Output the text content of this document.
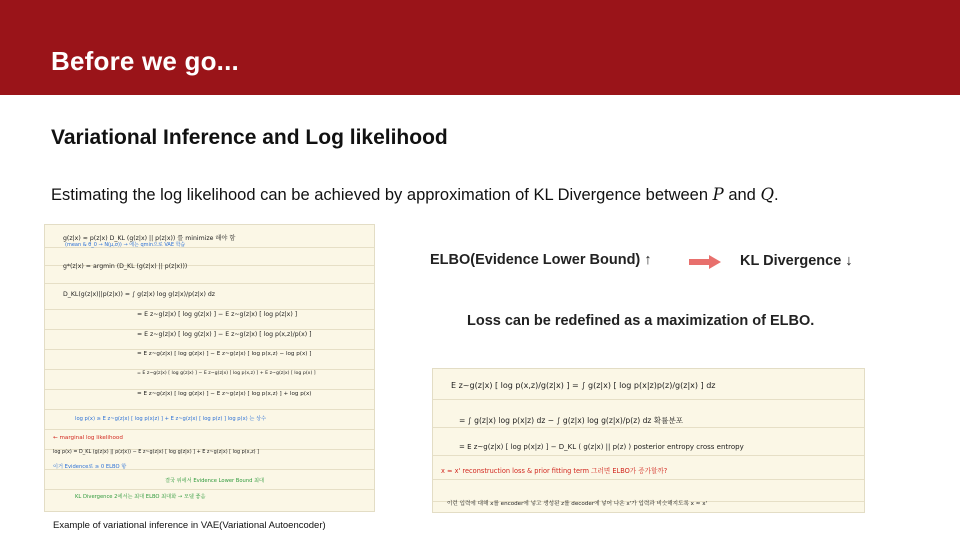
Before we go...
Variational Inference and Log likelihood
Estimating the log likelihood can be achieved by approximation of KL Divergence between P and Q.
g(z|x) ≈ p(z|x) D_KL (g(z|x) || p(z|x)) 를 minimize 해야 함
(mean & θ_0 → N(μ,σ)) → 에는 qmin으로 VAE 학습
g*(z|x) = argmin (D_KL (g(z|x) || p(z|x)))
D_KL(g(z|x)||p(z|x)) = ∫ g(z|x) log g(z|x)/p(z|x) dz
= E z~g(z|x) [ log g(z|x) ] − E z~g(z|x) [ log p(z|x) ]
= E z~g(z|x) [ log g(z|x) ] − E z~g(z|x) [ log p(x,z)/p(x) ]
= E z~g(z|x) [ log g(z|x) ] − E z~g(z|x) [ log p(x,z) − log p(x) ]
= E z~g(z|x) [ log g(z|x) ] − E z~g(z|x) [ log p(x,z) ] + E z~g(z|x) [ log p(x) ]
= E z~g(z|x) [ log g(z|x) ] − E z~g(z|x) [ log p(x,z) ] + log p(x)
log p(x) ≥ E z~g(z|x) [ log p(x|z) ] + E z~g(z|x) [ log p(z) ] log p(x) 는 상수
← marginal log likelihood
log p(x) = D_KL (g(z|x) || p(z|x)) − E z~g(z|x) [ log g(z|x) ] + E z~g(z|x) [ log p(x,z) ]
이거 Evidence로 ≥ 0 ELBO 항
결국 위에서 Evidence Lower Bound 최대
KL Divergence 2에서는 최대 ELBO 최대화 → 모델 좋음
Example of variational inference in VAE(Variational Autoencoder)
ELBO(Evidence Lower Bound) ↑	KL Divergence ↓
Loss can be redefined as a maximization of ELBO.
E z~g(z|x) [ log p(x,z)/g(z|x) ] = ∫ g(z|x) [ log p(x|z)p(z)/g(z|x) ] dz
= ∫ g(z|x) log p(x|z) dz − ∫ g(z|x) log g(z|x)/p(z) dz 확률분포
= E z~g(z|x) [ log p(x|z) ] − D_KL ( g(z|x) || p(z) ) posterior entropy cross entropy
x ≈ x' reconstruction loss & prior fitting term 그러면 ELBO가 증가할까?
이런 입력에 대해 x를 encoder에 넣고 생성된 z를 decoder에 넣어 나온 x'가 입력과 비슷해지도록 x ≈ x'
